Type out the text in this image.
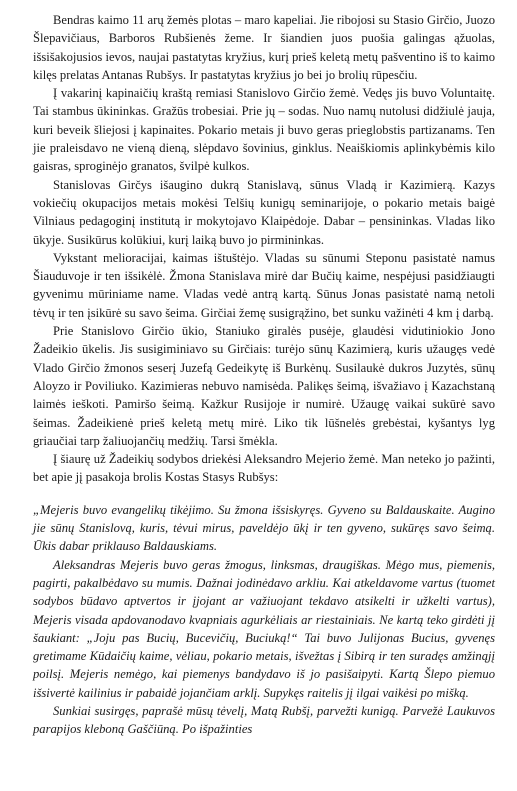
Bendras kaimo 11 arų žemės plotas – maro kapeliai. Jie ribojosi su Stasio Girčio, Juozo Šlepavičiaus, Barboros Rubšienės žeme. Ir šiandien juos puošia galingas ąžuolas, išsišakojusios ievos, naujai pastatytas kryžius, kurį prieš keletą metų pašventino iš to kaimo kilęs prelatas Antanas Rubšys. Ir pastatytas kryžius jo bei jo brolių rūpesčiu.

Į vakarinį kapinaičių kraštą remiasi Stanislovo Girčio žemė. Vedęs jis buvo Voluntaitę. Tai stambus ūkininkas. Gražūs trobesiai. Prie jų – sodas. Nuo namų nutolusi didžiulė jauja, kuri beveik šliejosi į kapinaites. Pokario metais ji buvo geras prieglobstis partizanams. Ten jie praleisdavo ne vieną dieną, slėpdavo šovinius, ginklus. Neaiškiomis aplinkybėmis kilo gaisras, sproginėjo granatos, švilpė kulkos.

Stanislovas Girčys išaugino dukrą Stanislavą, sūnus Vladą ir Kazimierą. Kazys vokiečių okupacijos metais mokėsi Telšių kunigų seminarijoje, o pokario metais baigė Vilniaus pedagoginį institutą ir mokytojavo Klaipėdoje. Dabar – pensininkas. Vladas liko ūkyje. Susikūrus kolūkiui, kurį laiką buvo jo pirmininkas.

Vykstant melioracijai, kaimas ištuštėjo. Vladas su sūnumi Steponu pasistatė namus Šiauduvoje ir ten išsikėlė. Žmona Stanislava mirė dar Bučių kaime, nespėjusi pasidžiaugti gyvenimu mūriniame name. Vladas vedė antrą kartą. Sūnus Jonas pasistatė namą netoli tėvų ir ten įsikūrė su savo šeima. Girčiai žemę susigrąžino, bet sunku važinėti 4 km į darbą.

Prie Stanislovo Girčio ūkio, Staniuko giralės pusėje, glaudėsi vidutiniokio Jono Žadeikio ūkelis. Jis susigiminiavo su Girčiais: turėjo sūnų Kazimierą, kuris užaugęs vedė Vlado Girčio žmonos seserį Juzefą Gedeikytę iš Burkėnų. Susilaukė dukros Juzytės, sūnų Aloyzo ir Poviliuko. Kazimieras nebuvo namisėda. Palikęs šeimą, išvažiavo į Kazachstaną laimės ieškoti. Pamiršo šeimą. Kažkur Rusijoje ir numirė. Užaugę vaikai sukūrė savo šeimas. Žadeikienė prieš keletą metų mirė. Liko tik lūšnelės grebėstai, kyšantys lyg griaučiai tarp žaliuojančių medžių. Tarsi šmėkla.

Į šiaurę už Žadeikių sodybos driekėsi Aleksandro Mejerio žemė. Man neteko jo pažinti, bet apie jį pasakoja brolis Kostas Stasys Rubšys:

„Mejeris buvo evangelikų tikėjimo. Su žmona išsiskyręs. Gyveno su Baldauskaite. Augino jie sūnų Stanislovą, kuris, tėvui mirus, paveldėjo ūkį ir ten gyveno, sukūręs savo šeimą. Ūkis dabar priklauso Baldauskiams.

Aleksandras Mejeris buvo geras žmogus, linksmas, draugiškas. Mėgo mus, piemenis, pagirti, pakalbėdavo su mumis. Dažnai jodinėdavo arkliu. Kai atkeldavome vartus (tuomet sodybos būdavo aptvertos ir įjojant ar važiuojant tekdavo atsikelti ir užkelti vartus), Mejeris visada apdovanodavo kvapniais agurkėliais ar riestainiais. Ne kartą teko girdėti jį šaukiant: „Joju pas Bucių, Bucevičių, Buciuką!“ Tai buvo Julijonas Bucius, gyvenęs gretimame Kūdaičių kaime, vėliau, pokario metais, išvežtas į Sibirą ir ten suradęs amžinąjį poilsį. Mejeris nemėgo, kai piemenys bandydavo iš jo pasišaipyti. Kartą Šlepo piemuo išsivertė kailinius ir pabaidė jojančiam arklį. Supykęs raitelis jį ilgai vaikėsi po mišką.

Sunkiai susirgęs, paprašė mūsų tėvelį, Matą Rubšį, parvežti kunigą. Parvežė Laukuvos parapijos kleboną Gaščiūną. Po išpažinties
